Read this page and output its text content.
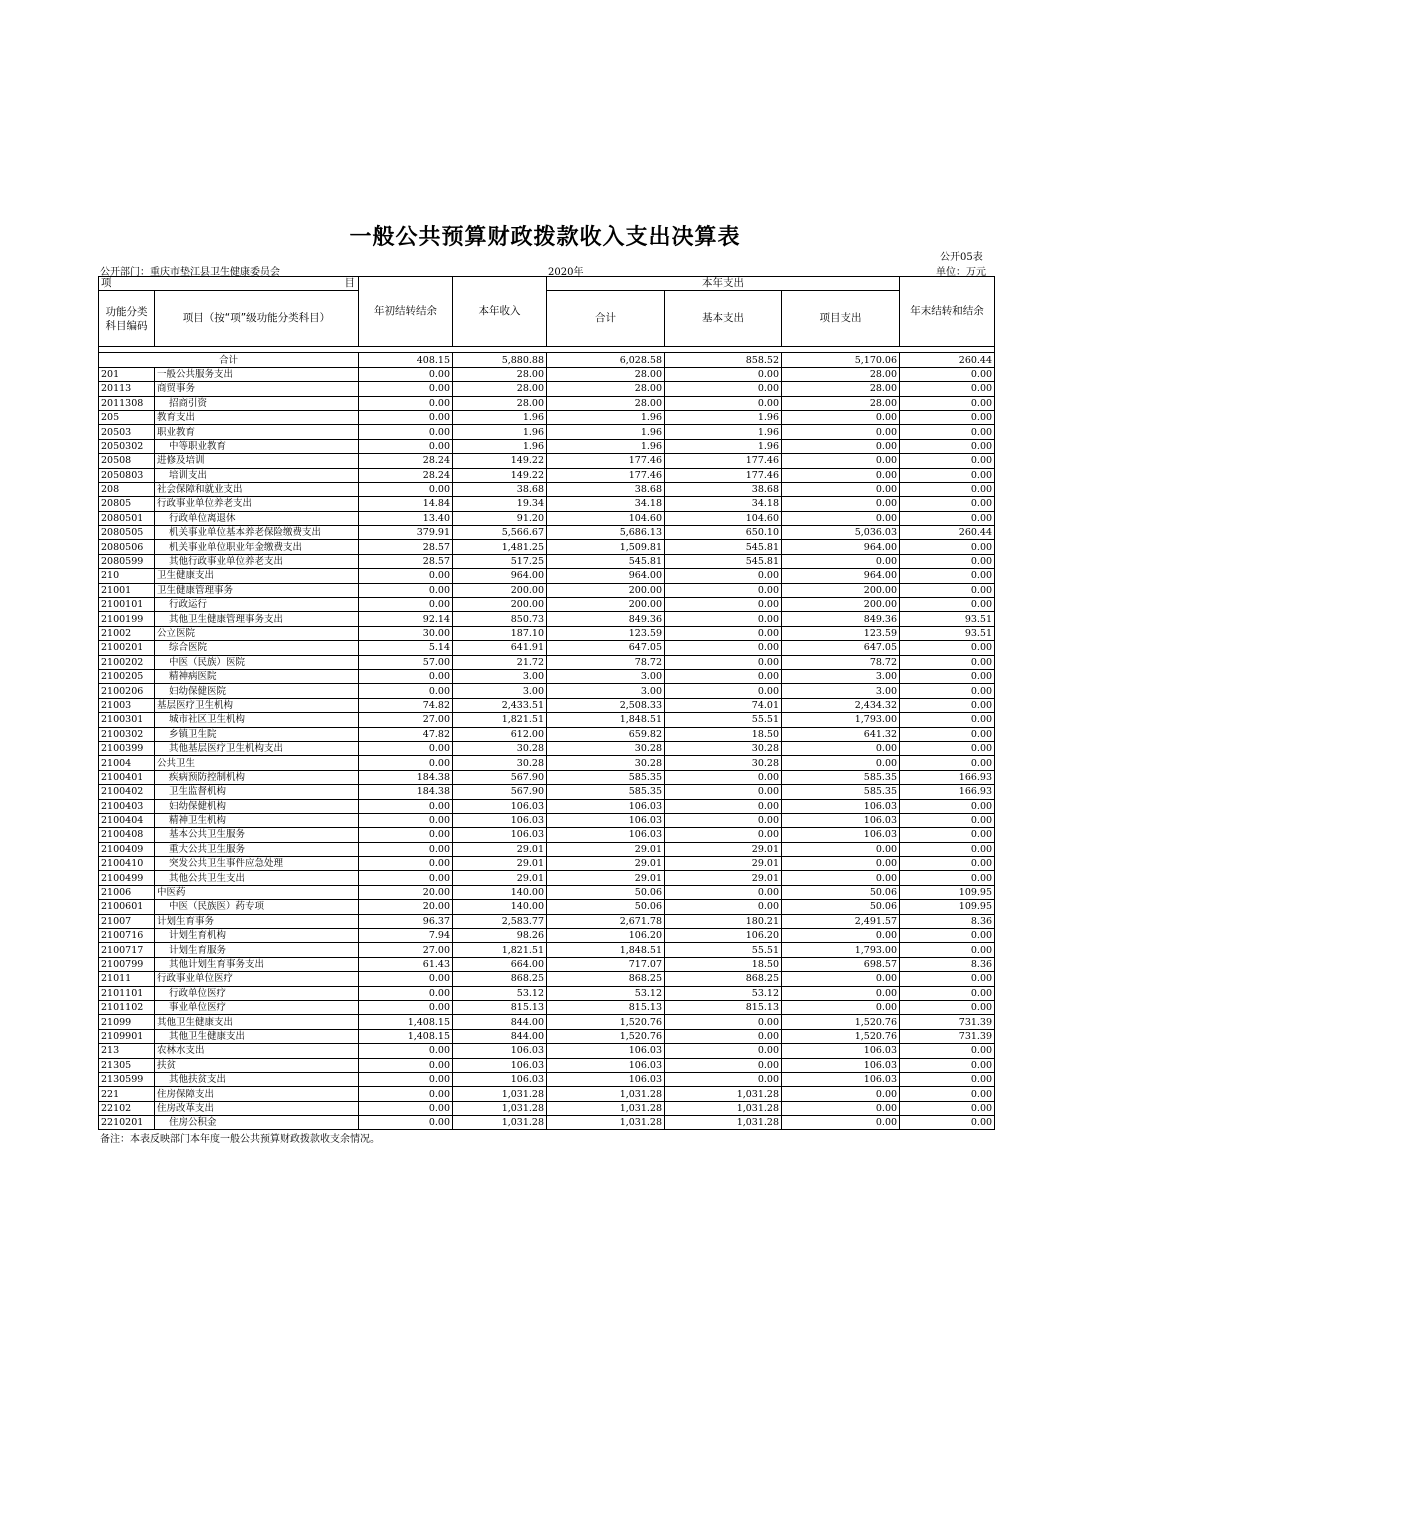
一般公共预算财政拨款收入支出决算表
公开05表
公开部门：重庆市垫江县卫生健康委员会	2020年	单位：万元
项 目		年初结转结余	本年收入	本年支出			年末结转和结余

功能分类
科目编码	项目（按“项”级功能分类科目）			合计	基本支出	项目支出	

合计		408.15	5,880.88	6,028.58	858.52	5,170.06	260.44
201	一般公共服务支出	0.00	28.00	28.00	0.00	28.00	0.00
20113	商贸事务	0.00	28.00	28.00	0.00	28.00	0.00
2011308	招商引资	0.00	28.00	28.00	0.00	28.00	0.00
205	教育支出	0.00	1.96	1.96	1.96	0.00	0.00
20503	职业教育	0.00	1.96	1.96	1.96	0.00	0.00
2050302	中等职业教育	0.00	1.96	1.96	1.96	0.00	0.00
20508	进修及培训	28.24	149.22	177.46	177.46	0.00	0.00
2050803	培训支出	28.24	149.22	177.46	177.46	0.00	0.00
208	社会保障和就业支出	0.00	38.68	38.68	38.68	0.00	0.00
20805	行政事业单位养老支出	14.84	19.34	34.18	34.18	0.00	0.00
2080501	行政单位离退休	13.40	91.20	104.60	104.60	0.00	0.00
2080505	机关事业单位基本养老保险缴费支出	379.91	5,566.67	5,686.13	650.10	5,036.03	260.44
2080506	机关事业单位职业年金缴费支出	28.57	1,481.25	1,509.81	545.81	964.00	0.00
2080599	其他行政事业单位养老支出	28.57	517.25	545.81	545.81	0.00	0.00
210	卫生健康支出	0.00	964.00	964.00	0.00	964.00	0.00
21001	卫生健康管理事务	0.00	200.00	200.00	0.00	200.00	0.00
2100101	行政运行	0.00	200.00	200.00	0.00	200.00	0.00
2100199	其他卫生健康管理事务支出	92.14	850.73	849.36	0.00	849.36	93.51
21002	公立医院	30.00	187.10	123.59	0.00	123.59	93.51
2100201	综合医院	5.14	641.91	647.05	0.00	647.05	0.00
2100202	中医（民族）医院	57.00	21.72	78.72	0.00	78.72	0.00
2100205	精神病医院	0.00	3.00	3.00	0.00	3.00	0.00
2100206	妇幼保健医院	0.00	3.00	3.00	0.00	3.00	0.00
21003	基层医疗卫生机构	74.82	2,433.51	2,508.33	74.01	2,434.32	0.00
2100301	城市社区卫生机构	27.00	1,821.51	1,848.51	55.51	1,793.00	0.00
2100302	乡镇卫生院	47.82	612.00	659.82	18.50	641.32	0.00
2100399	其他基层医疗卫生机构支出	0.00	30.28	30.28	30.28	0.00	0.00
21004	公共卫生	0.00	30.28	30.28	30.28	0.00	0.00
2100401	疾病预防控制机构	184.38	567.90	585.35	0.00	585.35	166.93
2100402	卫生监督机构	184.38	567.90	585.35	0.00	585.35	166.93
2100403	妇幼保健机构	0.00	106.03	106.03	0.00	106.03	0.00
2100404	精神卫生机构	0.00	106.03	106.03	0.00	106.03	0.00
2100408	基本公共卫生服务	0.00	106.03	106.03	0.00	106.03	0.00
2100409	重大公共卫生服务	0.00	29.01	29.01	29.01	0.00	0.00
2100410	突发公共卫生事件应急处理	0.00	29.01	29.01	29.01	0.00	0.00
2100499	其他公共卫生支出	0.00	29.01	29.01	29.01	0.00	0.00
21006	中医药	20.00	140.00	50.06	0.00	50.06	109.95
2100601	中医（民族医）药专项	20.00	140.00	50.06	0.00	50.06	109.95
21007	计划生育事务	96.37	2,583.77	2,671.78	180.21	2,491.57	8.36
2100716	计划生育机构	7.94	98.26	106.20	106.20	0.00	0.00
2100717	计划生育服务	27.00	1,821.51	1,848.51	55.51	1,793.00	0.00
2100799	其他计划生育事务支出	61.43	664.00	717.07	18.50	698.57	8.36
21011	行政事业单位医疗	0.00	868.25	868.25	868.25	0.00	0.00
2101101	行政单位医疗	0.00	53.12	53.12	53.12	0.00	0.00
2101102	事业单位医疗	0.00	815.13	815.13	815.13	0.00	0.00
21099	其他卫生健康支出	1,408.15	844.00	1,520.76	0.00	1,520.76	731.39
2109901	其他卫生健康支出	1,408.15	844.00	1,520.76	0.00	1,520.76	731.39
213	农林水支出	0.00	106.03	106.03	0.00	106.03	0.00
21305	扶贫	0.00	106.03	106.03	0.00	106.03	0.00
2130599	其他扶贫支出	0.00	106.03	106.03	0.00	106.03	0.00
221	住房保障支出	0.00	1,031.28	1,031.28	1,031.28	0.00	0.00
22102	住房改革支出	0.00	1,031.28	1,031.28	1,031.28	0.00	0.00
2210201	住房公积金	0.00	1,031.28	1,031.28	1,031.28	0.00	0.00
备注：本表反映部门本年度一般公共预算财政拨款收支余情况。
